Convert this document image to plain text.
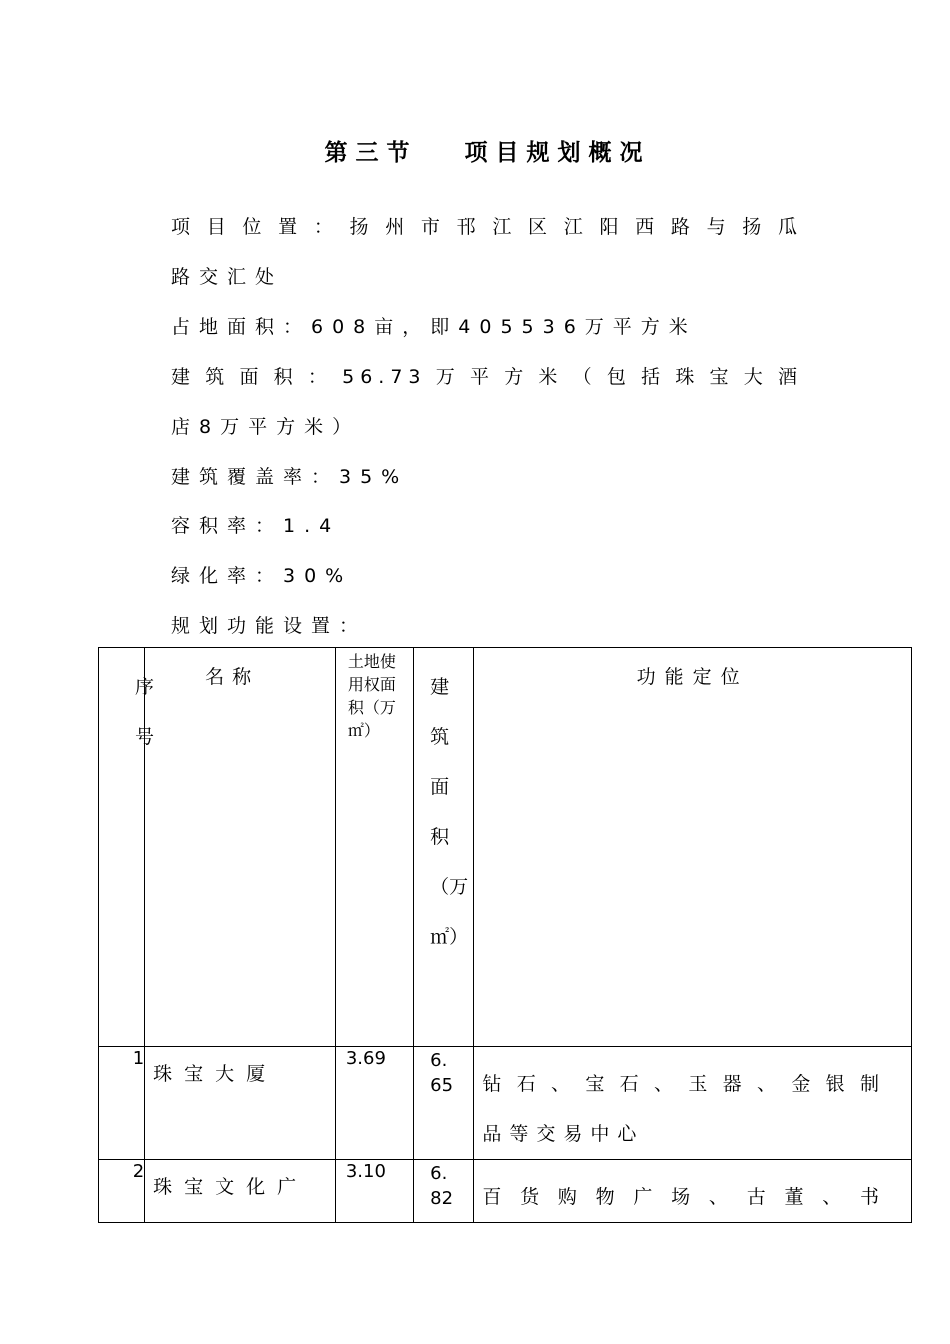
第三节　 项目规划概况
项目位置：扬州市邗江区江阳西路与扬瓜
路交汇处
占地面积：608亩，即405536万平方米
建筑面积：56.73万平方米（包括珠宝大酒
店8万平方米）
建筑覆盖率：35%
容积率：1.4
绿化率：30%
规划功能设置：
序号	名称	土地使用权面积（万㎡）	建筑面积（万㎡）	功能定位

1	珠宝大厦	3.69	6.65	钻石、宝石、玉器、金银制
品等交易中心

2	珠宝文化广	3.10	6.82	百货购物广场、古董、书
